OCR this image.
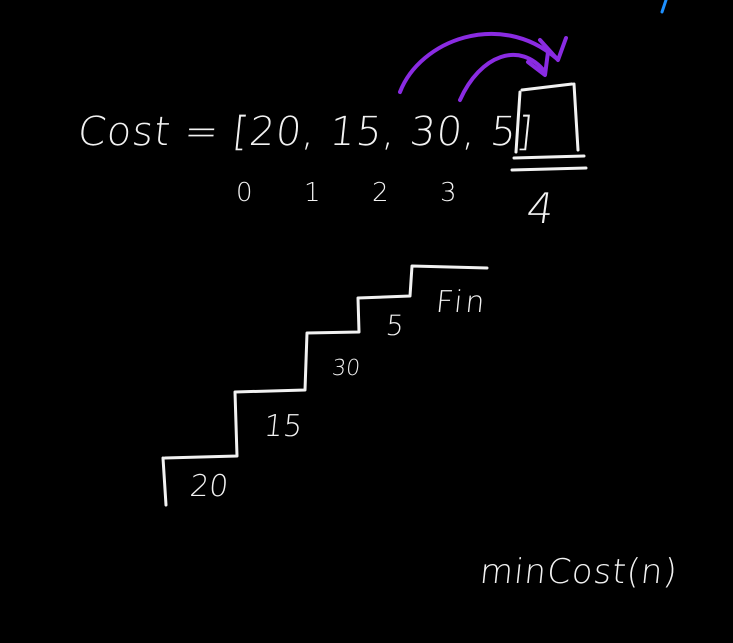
Cost = [20, 15, 30, 5]
0 1 2 3 4
20
15
30
5
Fin
minCost(n)
